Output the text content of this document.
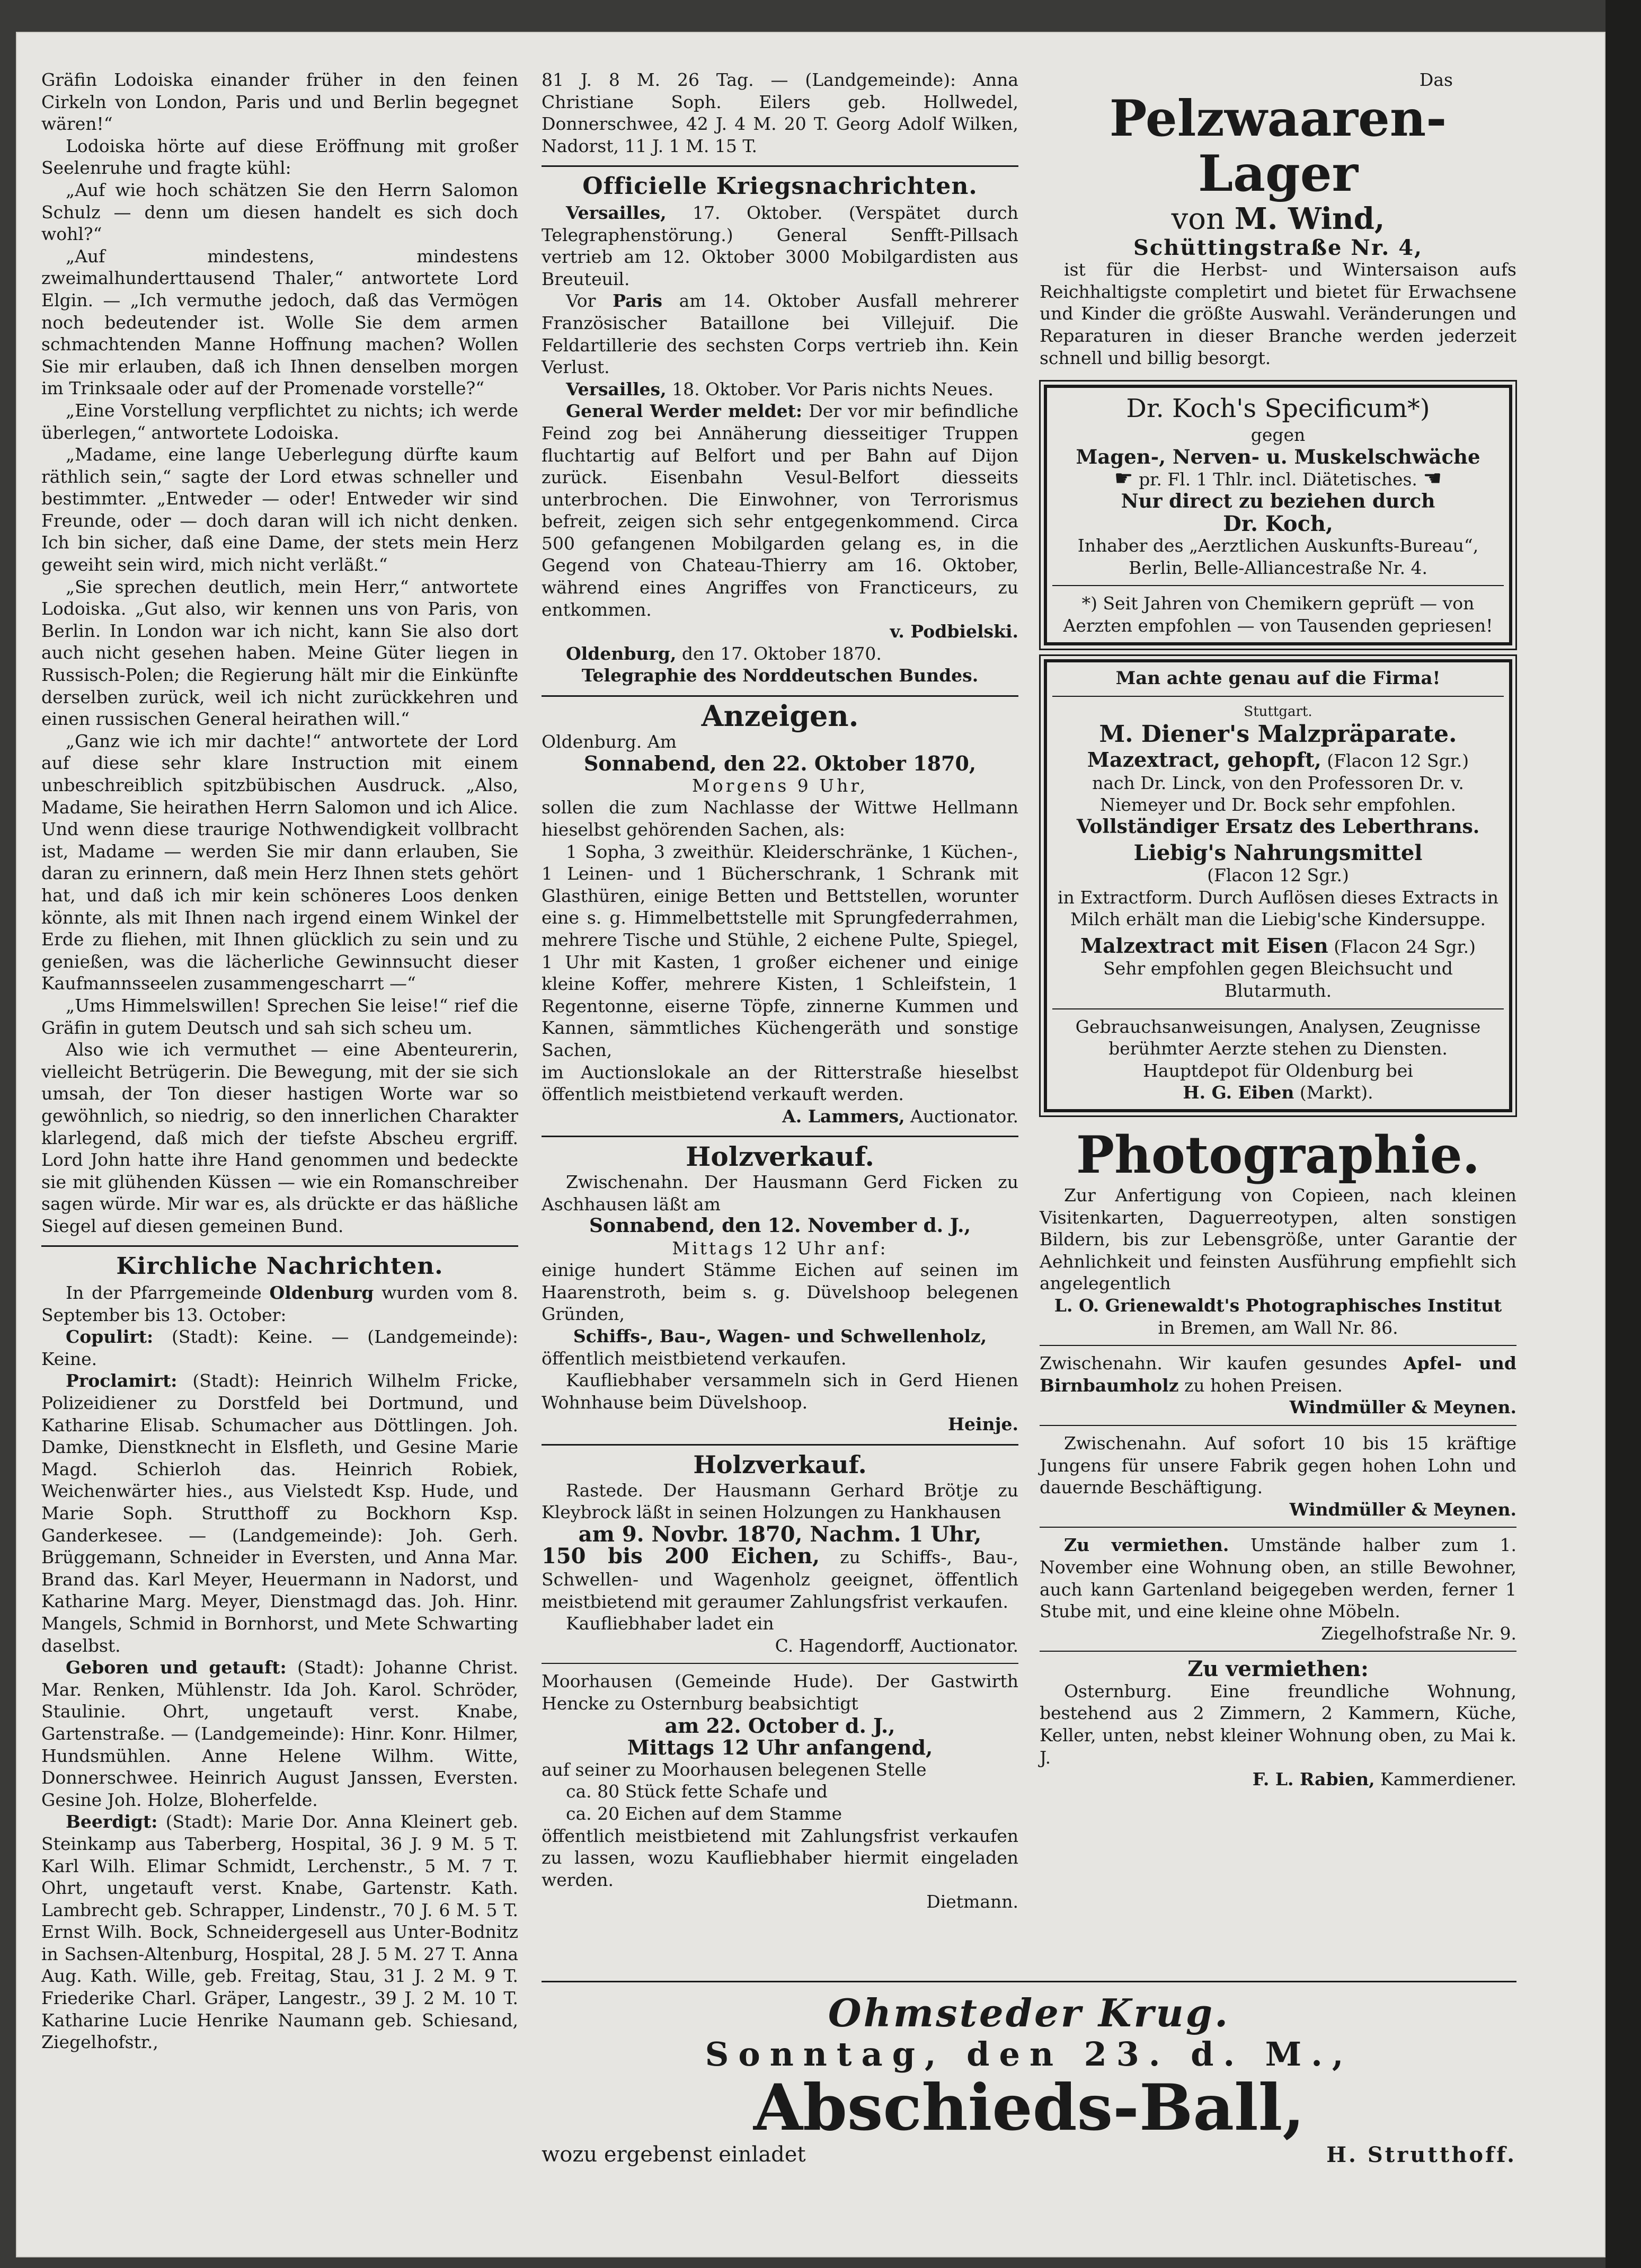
Gräfin Lodoiska einander früher in den feinen Cirkeln von London, Paris und und Berlin begegnet wären!“

Lodoiska hörte auf diese Eröffnung mit großer Seelenruhe und fragte kühl:

„Auf wie hoch schätzen Sie den Herrn Salomon Schulz — denn um diesen handelt es sich doch wohl?“

„Auf mindestens, mindestens zweimalhunderttausend Thaler,“ antwortete Lord Elgin. — „Ich vermuthe jedoch, daß das Vermögen noch bedeutender ist. Wolle Sie dem armen schmachtenden Manne Hoffnung machen? Wollen Sie mir erlauben, daß ich Ihnen denselben morgen im Trinksaale oder auf der Promenade vorstelle?“

„Eine Vorstellung verpflichtet zu nichts; ich werde überlegen,“ antwortete Lodoiska.

„Madame, eine lange Ueberlegung dürfte kaum räthlich sein,“ sagte der Lord etwas schneller und bestimmter. „Entweder — oder! Entweder wir sind Freunde, oder — doch daran will ich nicht denken. Ich bin sicher, daß eine Dame, der stets mein Herz geweiht sein wird, mich nicht verläßt.“

„Sie sprechen deutlich, mein Herr,“ antwortete Lodoiska. „Gut also, wir kennen uns von Paris, von Berlin. In London war ich nicht, kann Sie also dort auch nicht gesehen haben. Meine Güter liegen in Russisch-Polen; die Regierung hält mir die Einkünfte derselben zurück, weil ich nicht zurückkehren und einen russischen General heirathen will.“

„Ganz wie ich mir dachte!“ antwortete der Lord auf diese sehr klare Instruction mit einem unbeschreiblich spitzbübischen Ausdruck. „Also, Madame, Sie heirathen Herrn Salomon und ich Alice. Und wenn diese traurige Nothwendigkeit vollbracht ist, Madame — werden Sie mir dann erlauben, Sie daran zu erinnern, daß mein Herz Ihnen stets gehört hat, und daß ich mir kein schöneres Loos denken könnte, als mit Ihnen nach irgend einem Winkel der Erde zu fliehen, mit Ihnen glücklich zu sein und zu genießen, was die lächerliche Gewinnsucht dieser Kaufmannsseelen zusammengescharrt —“

„Ums Himmelswillen! Sprechen Sie leise!“ rief die Gräfin in gutem Deutsch und sah sich scheu um.

Also wie ich vermuthet — eine Abenteurerin, vielleicht Betrügerin. Die Bewegung, mit der sie sich umsah, der Ton dieser hastigen Worte war so gewöhnlich, so niedrig, so den innerlichen Charakter klarlegend, daß mich der tiefste Abscheu ergriff. Lord John hatte ihre Hand genommen und bedeckte sie mit glühenden Küssen — wie ein Romanschreiber sagen würde. Mir war es, als drückte er das häßliche Siegel auf diesen gemeinen Bund.

Kirchliche Nachrichten.

In der Pfarrgemeinde Oldenburg wurden vom 8. September bis 13. October:

Copulirt: (Stadt): Keine. — (Landgemeinde): Keine.

Proclamirt: (Stadt): Heinrich Wilhelm Fricke, Polizeidiener zu Dorstfeld bei Dortmund, und Katharine Elisab. Schumacher aus Döttlingen. Joh. Damke, Dienstknecht in Elsfleth, und Gesine Marie Magd. Schierloh das. Heinrich Robiek, Weichenwärter hies., aus Vielstedt Ksp. Hude, und Marie Soph. Strutthoff zu Bockhorn Ksp. Ganderkesee. — (Landgemeinde): Joh. Gerh. Brüggemann, Schneider in Eversten, und Anna Mar. Brand das. Karl Meyer, Heuermann in Nadorst, und Katharine Marg. Meyer, Dienstmagd das. Joh. Hinr. Mangels, Schmid in Bornhorst, und Mete Schwarting daselbst.

Geboren und getauft: (Stadt): Johanne Christ. Mar. Renken, Mühlenstr. Ida Joh. Karol. Schröder, Staulinie. Ohrt, ungetauft verst. Knabe, Gartenstraße. — (Landgemeinde): Hinr. Konr. Hilmer, Hundsmühlen. Anne Helene Wilhm. Witte, Donnerschwee. Heinrich August Janssen, Eversten. Gesine Joh. Holze, Bloherfelde.

Beerdigt: (Stadt): Marie Dor. Anna Kleinert geb. Steinkamp aus Taberberg, Hospital, 36 J. 9 M. 5 T. Karl Wilh. Elimar Schmidt, Lerchenstr., 5 M. 7 T. Ohrt, ungetauft verst. Knabe, Gartenstr. Kath. Lambrecht geb. Schrapper, Lindenstr., 70 J. 6 M. 5 T. Ernst Wilh. Bock, Schneidergesell aus Unter-Bodnitz in Sachsen-Altenburg, Hospital, 28 J. 5 M. 27 T. Anna Aug. Kath. Wille, geb. Freitag, Stau, 31 J. 2 M. 9 T. Friederike Charl. Gräper, Langestr., 39 J. 2 M. 10 T. Katharine Lucie Henrike Naumann geb. Schiesand, Ziegelhofstr.,

81 J. 8 M. 26 Tag. — (Landgemeinde): Anna Christiane Soph. Eilers geb. Hollwedel, Donnerschwee, 42 J. 4 M. 20 T. Georg Adolf Wilken, Nadorst, 11 J. 1 M. 15 T.

Officielle Kriegsnachrichten.

Versailles, 17. Oktober. (Verspätet durch Telegraphenstörung.) General Senfft-Pillsach vertrieb am 12. Oktober 3000 Mobilgardisten aus Breuteuil.

Vor Paris am 14. Oktober Ausfall mehrerer Französischer Bataillone bei Villejuif. Die Feldartillerie des sechsten Corps vertrieb ihn. Kein Verlust.

Versailles, 18. Oktober. Vor Paris nichts Neues.

General Werder meldet: Der vor mir befindliche Feind zog bei Annäherung diesseitiger Truppen fluchtartig auf Belfort und per Bahn auf Dijon zurück. Eisenbahn Vesul-Belfort diesseits unterbrochen. Die Einwohner, von Terrorismus befreit, zeigen sich sehr entgegenkommend. Circa 500 gefangenen Mobilgarden gelang es, in die Gegend von Chateau-Thierry am 16. Oktober, während eines Angriffes von Francticeurs, zu entkommen.

v. Podbielski.

Oldenburg, den 17. Oktober 1870.

Telegraphie des Norddeutschen Bundes.

Anzeigen.

Oldenburg. Am

Sonnabend, den 22. Oktober 1870,

Morgens 9 Uhr,

sollen die zum Nachlasse der Wittwe Hellmann hieselbst gehörenden Sachen, als:

1 Sopha, 3 zweithür. Kleiderschränke, 1 Küchen-, 1 Leinen- und 1 Bücherschrank, 1 Schrank mit Glasthüren, einige Betten und Bettstellen, worunter eine s. g. Himmelbettstelle mit Sprungfederrahmen, mehrere Tische und Stühle, 2 eichene Pulte, Spiegel, 1 Uhr mit Kasten, 1 großer eichener und einige kleine Koffer, mehrere Kisten, 1 Schleifstein, 1 Regentonne, eiserne Töpfe, zinnerne Kummen und Kannen, sämmtliches Küchengeräth und sonstige Sachen,

im Auctionslokale an der Ritterstraße hieselbst öffentlich meistbietend verkauft werden.

A. Lammers, Auctionator.

Holzverkauf.

Zwischenahn. Der Hausmann Gerd Ficken zu Aschhausen läßt am

Sonnabend, den 12. November d. J.,

Mittags 12 Uhr anf:

einige hundert Stämme Eichen auf seinen im Haarenstroth, beim s. g. Düvelshoop belegenen Gründen,

Schiffs-, Bau-, Wagen- und Schwellenholz,

öffentlich meistbietend verkaufen.

Kaufliebhaber versammeln sich in Gerd Hienen Wohnhause beim Düvelshoop.

Heinje.

Holzverkauf.

Rastede. Der Hausmann Gerhard Brötje zu Kleybrock läßt in seinen Holzungen zu Hankhausen

am 9. Novbr. 1870, Nachm. 1 Uhr,

150 bis 200 Eichen, zu Schiffs-, Bau-, Schwellen- und Wagenholz geeignet, öffentlich meistbietend mit geraumer Zahlungsfrist verkaufen.

Kaufliebhaber ladet ein

C. Hagendorff, Auctionator.

Moorhausen (Gemeinde Hude). Der Gastwirth Hencke zu Osternburg beabsichtigt

am 22. October d. J.,

Mittags 12 Uhr anfangend,

auf seiner zu Moorhausen belegenen Stelle

ca. 80 Stück fette Schafe und

ca. 20 Eichen auf dem Stamme

öffentlich meistbietend mit Zahlungsfrist verkaufen zu lassen, wozu Kaufliebhaber hiermit eingeladen werden.

Dietmann.

Das

Pelzwaaren-Lager

von M. Wind,

Schüttingstraße Nr. 4,

ist für die Herbst- und Wintersaison aufs Reichhaltigste completirt und bietet für Erwachsene und Kinder die größte Auswahl. Veränderungen und Reparaturen in dieser Branche werden jederzeit schnell und billig besorgt.

Dr. Koch's Specificum*)

gegen

Magen-, Nerven- u. Muskelschwäche

☛ pr. Fl. 1 Thlr. incl. Diätetisches. ☚

Nur direct zu beziehen durch

Dr. Koch,

Inhaber des „Aerztlichen Auskunfts-Bureau“, Berlin, Belle-Alliancestraße Nr. 4.

*) Seit Jahren von Chemikern geprüft — von Aerzten empfohlen — von Tausenden gepriesen!

Man achte genau auf die Firma!

Stuttgart.

M. Diener's Malzpräparate.

Mazextract, gehopft, (Flacon 12 Sgr.)

nach Dr. Linck, von den Professoren Dr. v. Niemeyer und Dr. Bock sehr empfohlen.

Vollständiger Ersatz des Leberthrans.

Liebig's Nahrungsmittel

(Flacon 12 Sgr.)

in Extractform. Durch Auflösen dieses Extracts in Milch erhält man die Liebig'sche Kindersuppe.

Malzextract mit Eisen (Flacon 24 Sgr.)

Sehr empfohlen gegen Bleichsucht und Blutarmuth.

Gebrauchsanweisungen, Analysen, Zeugnisse berühmter Aerzte stehen zu Diensten.

Hauptdepot für Oldenburg bei

H. G. Eiben (Markt).

Photographie.

Zur Anfertigung von Copieen, nach kleinen Visitenkarten, Daguerreotypen, alten sonstigen Bildern, bis zur Lebensgröße, unter Garantie der Aehnlichkeit und feinsten Ausführung empfiehlt sich angelegentlich

L. O. Grienewaldt's Photographisches Institut

in Bremen, am Wall Nr. 86.

Zwischenahn. Wir kaufen gesundes Apfel- und Birnbaumholz zu hohen Preisen.

Windmüller & Meynen.

Zwischenahn. Auf sofort 10 bis 15 kräftige Jungens für unsere Fabrik gegen hohen Lohn und dauernde Beschäftigung.

Windmüller & Meynen.

Zu vermiethen. Umstände halber zum 1. November eine Wohnung oben, an stille Bewohner, auch kann Gartenland beigegeben werden, ferner 1 Stube mit, und eine kleine ohne Möbeln.

Ziegelhofstraße Nr. 9.

Zu vermiethen:

Osternburg. Eine freundliche Wohnung, bestehend aus 2 Zimmern, 2 Kammern, Küche, Keller, unten, nebst kleiner Wohnung oben, zu Mai k. J.

F. L. Rabien, Kammerdiener.

Ohmsteder Krug.
Sonntag, den 23. d. M.,
Abschieds-Ball,
wozu ergebenst einladet	H. Strutthoff.
